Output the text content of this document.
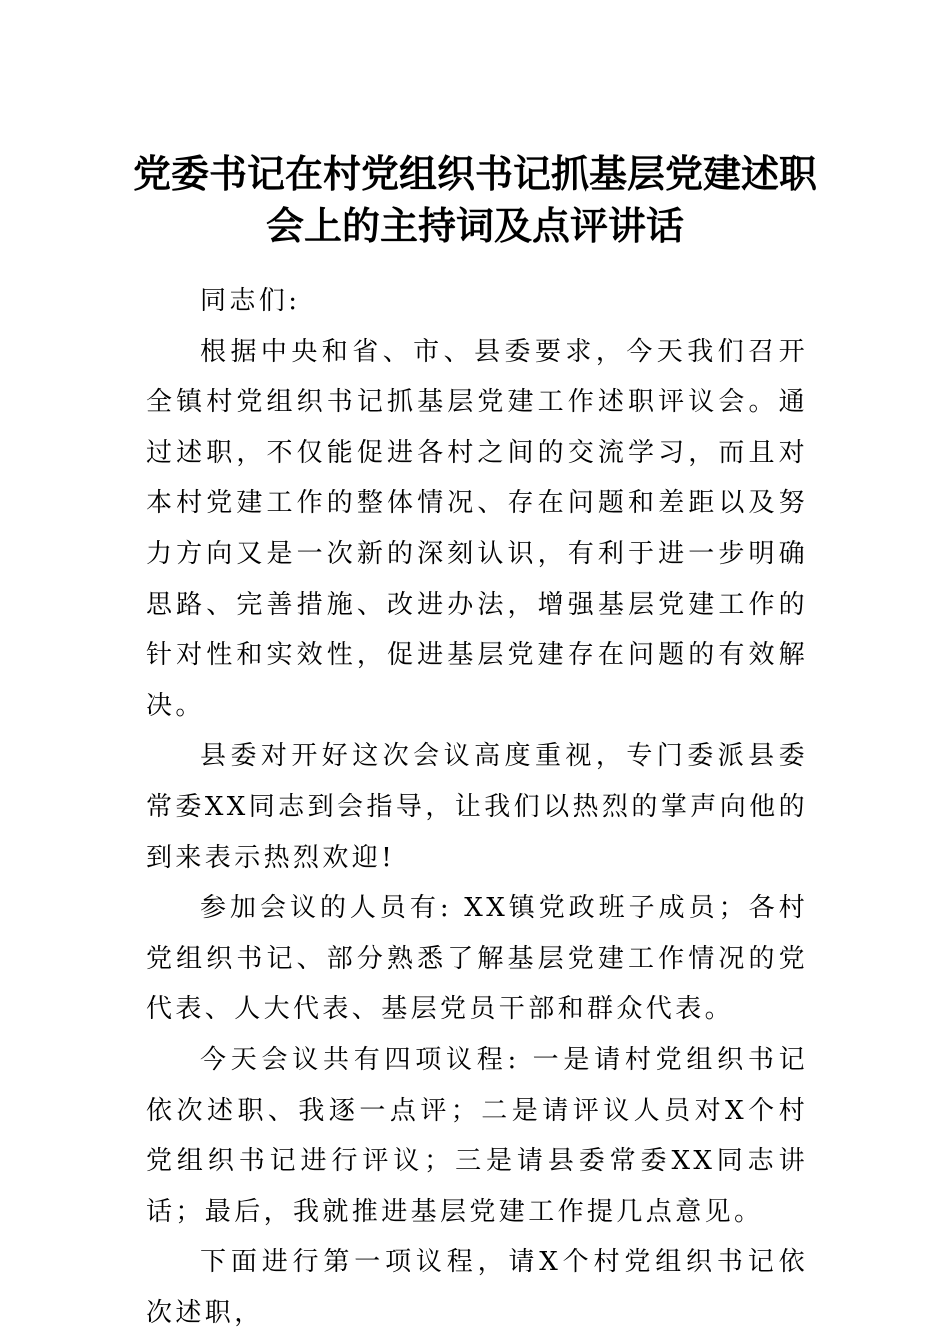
党委书记在村党组织书记抓基层党建述职
会上的主持词及点评讲话

同志们:

根据中央和省、市、县委要求，今天我们召开全镇村党组织书记抓基层党建工作述职评议会。通过述职，不仅能促进各村之间的交流学习，而且对本村党建工作的整体情况、存在问题和差距以及努力方向又是一次新的深刻认识，有利于进一步明确思路、完善措施、改进办法，增强基层党建工作的针对性和实效性，促进基层党建存在问题的有效解决。

县委对开好这次会议高度重视，专门委派县委常委XX同志到会指导，让我们以热烈的掌声向他的到来表示热烈欢迎!

参加会议的人员有: XX镇党政班子成员；各村党组织书记、部分熟悉了解基层党建工作情况的党代表、人大代表、基层党员干部和群众代表。

今天会议共有四项议程: 一是请村党组织书记依次述职、我逐一点评；二是请评议人员对X个村党组织书记进行评议；三是请县委常委XX同志讲话；最后，我就推进基层党建工作提几点意见。

下面进行第一项议程，请X个村党组织书记依次述职，
